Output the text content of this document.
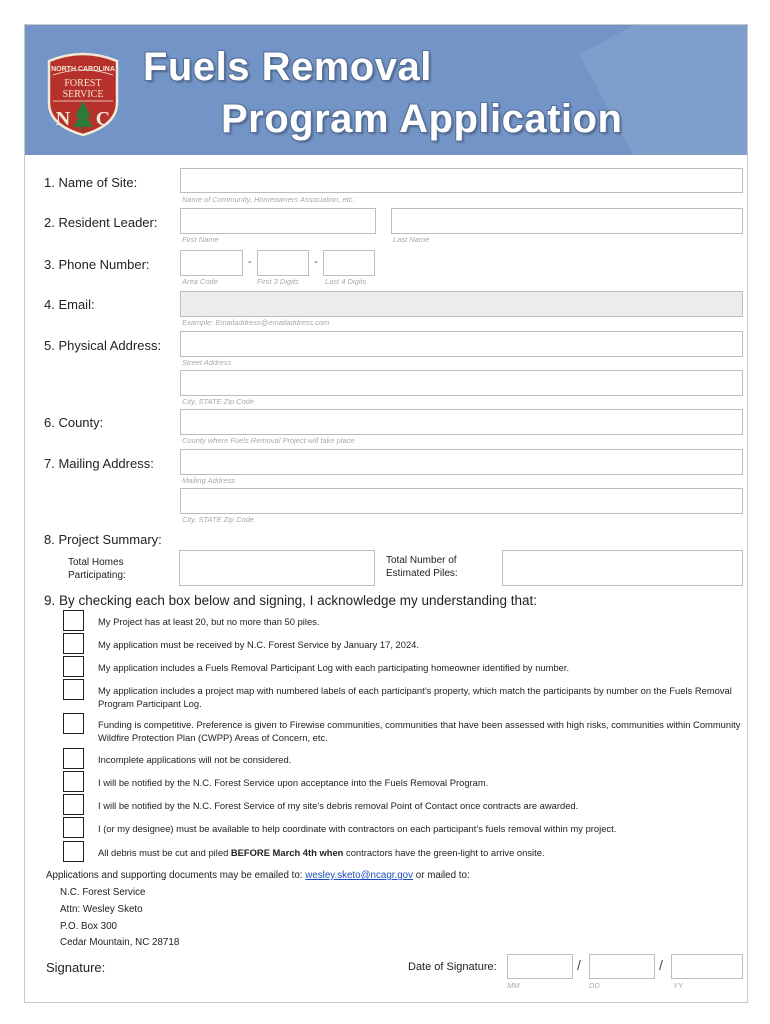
NORTH CAROLINA
FOREST
SERVICE
N C
Fuels Removal
Program Application
1. Name of Site:
Name of Community, Homeowners Association, etc.
2. Resident Leader:
First Name	Last Name
3. Phone Number:	-	-
Area Code	First 3 Digits	Last 4 Digits
4. Email:
Example: Emailaddress@emailaddress.com
5. Physical Address:
Street Address
City, STATE Zip Code
6. County:
County where Fuels Removal Project will take place
7. Mailing Address:
Mailing Address
City, STATE Zip Code
8. Project Summary:
Total Homes
Participating:
Total Number of
Estimated Piles:
9. By checking each box below and signing, I acknowledge my understanding that:
My Project has at least 20, but no more than 50 piles.
My application must be received by N.C. Forest Service by January 17, 2024.
My application includes a Fuels Removal Participant Log with each participating homeowner identified by number.
My application includes a project map with numbered labels of each participant’s property, which match the participants by number on the Fuels Removal Program Participant Log.
Funding is competitive. Preference is given to Firewise communities, communities that have been assessed with high risks, communities within Community Wildfire Protection Plan (CWPP) Areas of Concern, etc.
Incomplete applications will not be considered.
I will be notified by the N.C. Forest Service upon acceptance into the Fuels Removal Program.
I will be notified by the N.C. Forest Service of my site’s debris removal Point of Contact once contracts are awarded.
I (or my designee) must be available to help coordinate with contractors on each participant’s fuels removal within my project.
All debris must be cut and piled BEFORE March 4th when contractors have the green-light to arrive onsite.
Applications and supporting documents may be emailed to: wesley.sketo@ncagr.gov or mailed to:
N.C. Forest Service
Attn: Wesley Sketo
P.O. Box 300
Cedar Mountain, NC 28718
Signature:	Date of Signature:	/	/
MM	DD	YY
